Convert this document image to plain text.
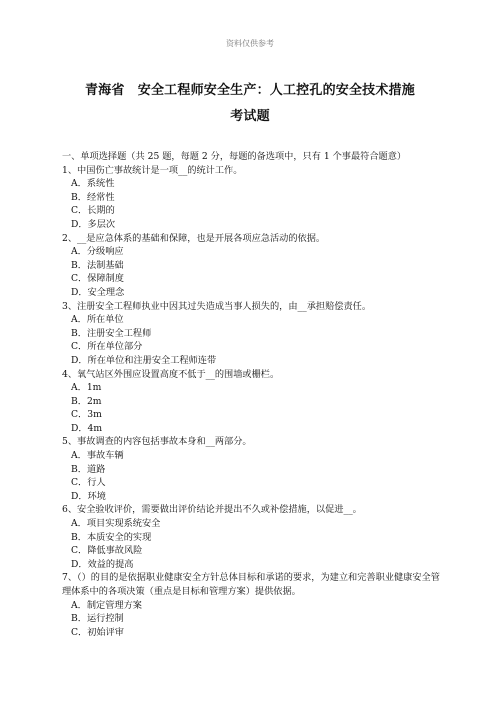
资料仅供参考
青海省　安全工程师安全生产：人工控孔的安全技术措施
考试题
一、单项选择题（共 25 题，每题 2 分，每题的备选项中，只有 1 个事最符合题意）
1、中国伤亡事故统计是一项__的统计工作。
A．系统性
B．经常性
C．长期的
D．多层次
2、__是应急体系的基础和保障，也是开展各项应急活动的依据。
A．分级响应
B．法制基础
C．保障制度
D．安全理念
3、注册安全工程师执业中因其过失造成当事人损失的，由__承担赔偿责任。
A．所在单位
B．注册安全工程师
C．所在单位部分
D．所在单位和注册安全工程师连带
4、氧气站区外围应设置高度不低于__的围墙或栅栏。
A．1m
B．2m
C．3m
D．4m
5、事故调查的内容包括事故本身和__两部分。
A．事故车辆
B．道路
C．行人
D．环境
6、安全验收评价，需要做出评价结论并提出不久或补偿措施，以促进__。
A．项目实现系统安全
B．本质安全的实现
C．降低事故风险
D．效益的提高
7、（）的目的是依据职业健康安全方针总体目标和承诺的要求，为建立和完善职业健康安全管理体系中的各项决策（重点是目标和管理方案）提供依据。
A．制定管理方案
B．运行控制
C．初始评审
